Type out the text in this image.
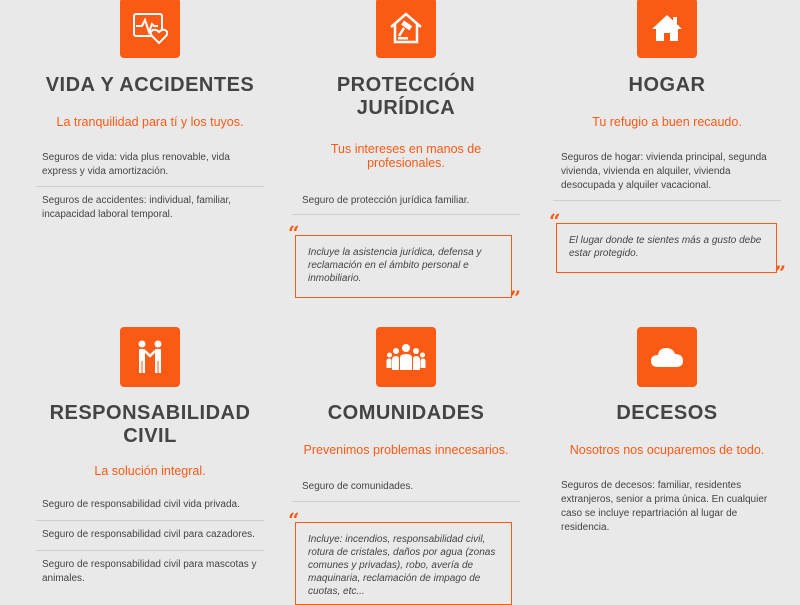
VIDA Y ACCIDENTES
La tranquilidad para tí y los tuyos.
Seguros de vida: vida plus renovable, vida express y vida amortización.
Seguros de accidentes: individual, familiar, incapacidad laboral temporal.
PROTECCIÓN JURÍDICA
Tus intereses en manos de profesionales.
Seguro de protección jurídica familiar.
“
Incluye la asistencia jurídica, defensa y reclamación en el ámbito personal e inmobiliario.
”
HOGAR
Tu refugio a buen recaudo.
Seguros de hogar: vivienda principal, segunda vivienda, vivienda en alquiler, vivienda desocupada y alquiler vacacional.
“
El lugar donde te sientes más a gusto debe estar protegido.
”
RESPONSABILIDAD CIVIL
La solución integral.
Seguro de responsabilidad civil vida privada.
Seguro de responsabilidad civil para cazadores.
Seguro de responsabilidad civil para mascotas y animales.
COMUNIDADES
Prevenimos problemas innecesarios.
Seguro de comunidades.
“
Incluye: incendios, responsabilidad civil, rotura de cristales, daños por agua (zonas comunes y privadas), robo, avería de maquinaria, reclamación de impago de cuotas, etc...
DECESOS
Nosotros nos ocuparemos de todo.
Seguros de decesos: familiar, residentes extranjeros, senior a prima única. En cualquier caso se incluye repartriación al lugar de residencia.
